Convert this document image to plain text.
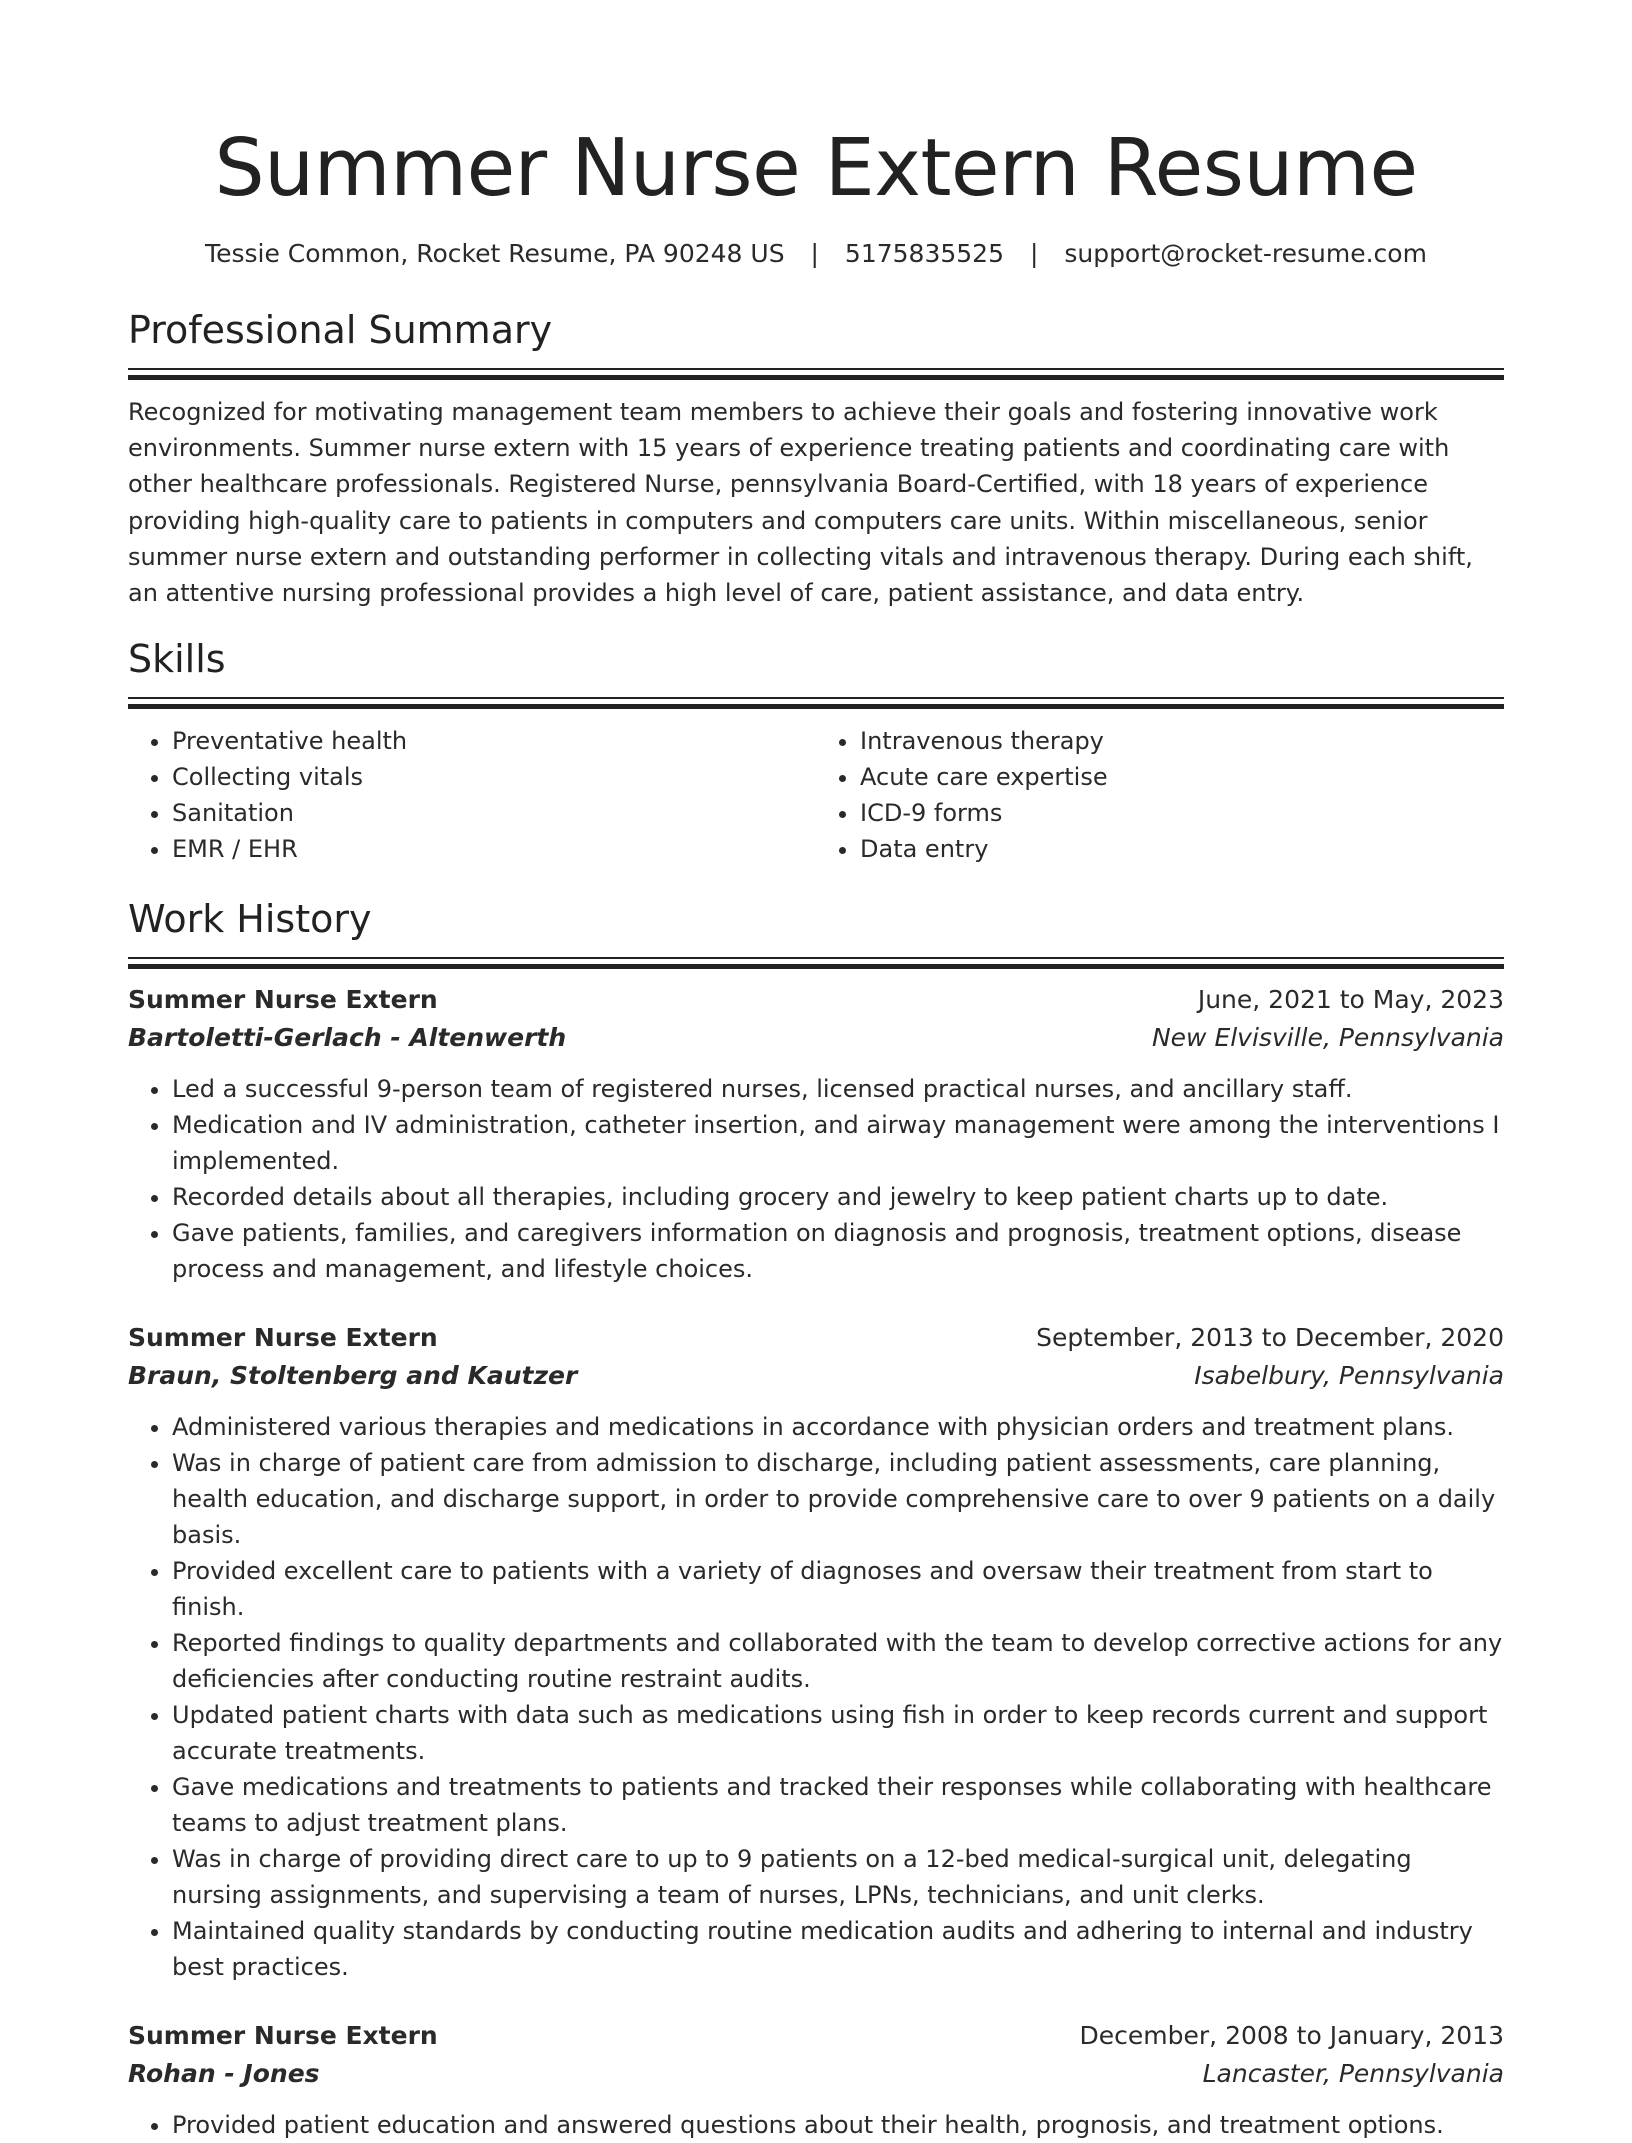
Summer Nurse Extern Resume
Tessie Common, Rocket Resume, PA 90248 US | 5175835525 | support@rocket-resume.com
Professional Summary
Recognized for motivating management team members to achieve their goals and fostering innovative work environments. Summer nurse extern with 15 years of experience treating patients and coordinating care with other healthcare professionals. Registered Nurse, pennsylvania Board-Certified, with 18 years of experience providing high-quality care to patients in computers and computers care units. Within miscellaneous, senior summer nurse extern and outstanding performer in collecting vitals and intravenous therapy. During each shift, an attentive nursing professional provides a high level of care, patient assistance, and data entry.
Skills
• Preventative health
• Collecting vitals
• Sanitation
• EMR / EHR
• Intravenous therapy
• Acute care expertise
• ICD-9 forms
• Data entry
Work History
Summer Nurse Extern	June, 2021 to May, 2023
Bartoletti-Gerlach - Altenwerth	New Elvisville, Pennsylvania
• Led a successful 9-person team of registered nurses, licensed practical nurses, and ancillary staff.
• Medication and IV administration, catheter insertion, and airway management were among the interventions I implemented.
• Recorded details about all therapies, including grocery and jewelry to keep patient charts up to date.
• Gave patients, families, and caregivers information on diagnosis and prognosis, treatment options, disease process and management, and lifestyle choices.
Summer Nurse Extern	September, 2013 to December, 2020
Braun, Stoltenberg and Kautzer	Isabelbury, Pennsylvania
• Administered various therapies and medications in accordance with physician orders and treatment plans.
• Was in charge of patient care from admission to discharge, including patient assessments, care planning, health education, and discharge support, in order to provide comprehensive care to over 9 patients on a daily basis.
• Provided excellent care to patients with a variety of diagnoses and oversaw their treatment from start to finish.
• Reported findings to quality departments and collaborated with the team to develop corrective actions for any deficiencies after conducting routine restraint audits.
• Updated patient charts with data such as medications using fish in order to keep records current and support accurate treatments.
• Gave medications and treatments to patients and tracked their responses while collaborating with healthcare teams to adjust treatment plans.
• Was in charge of providing direct care to up to 9 patients on a 12-bed medical-surgical unit, delegating nursing assignments, and supervising a team of nurses, LPNs, technicians, and unit clerks.
• Maintained quality standards by conducting routine medication audits and adhering to internal and industry best practices.
Summer Nurse Extern	December, 2008 to January, 2013
Rohan - Jones	Lancaster, Pennsylvania
• Provided patient education and answered questions about their health, prognosis, and treatment options.
